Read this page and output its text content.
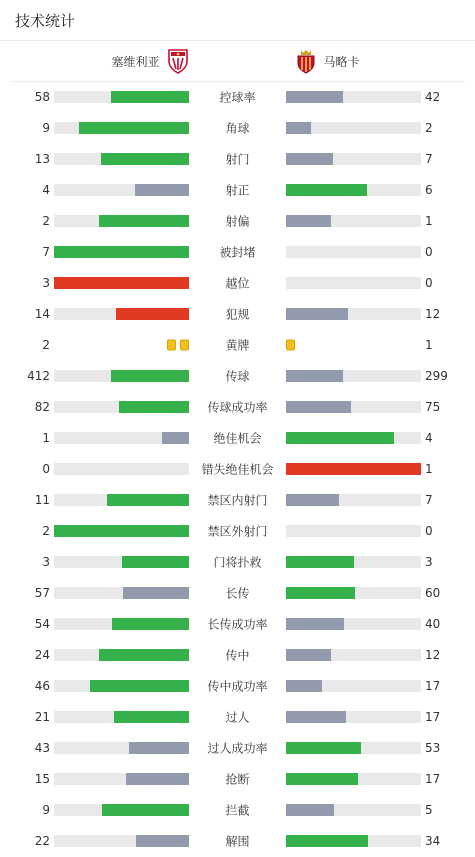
技术统计
塞维利亚	马略卡
58	控球率	42
9	角球	2
13	射门	7
4	射正	6
2	射偏	1
7	被封堵	0
3	越位	0
14	犯规	12
2	黄牌	1
412	传球	299
82	传球成功率	75
1	绝佳机会	4
0	错失绝佳机会	1
11	禁区内射门	7
2	禁区外射门	0
3	门将扑救	3
57	长传	60
54	长传成功率	40
24	传中	12
46	传中成功率	17
21	过人	17
43	过人成功率	53
15	抢断	17
9	拦截	5
22	解围	34
